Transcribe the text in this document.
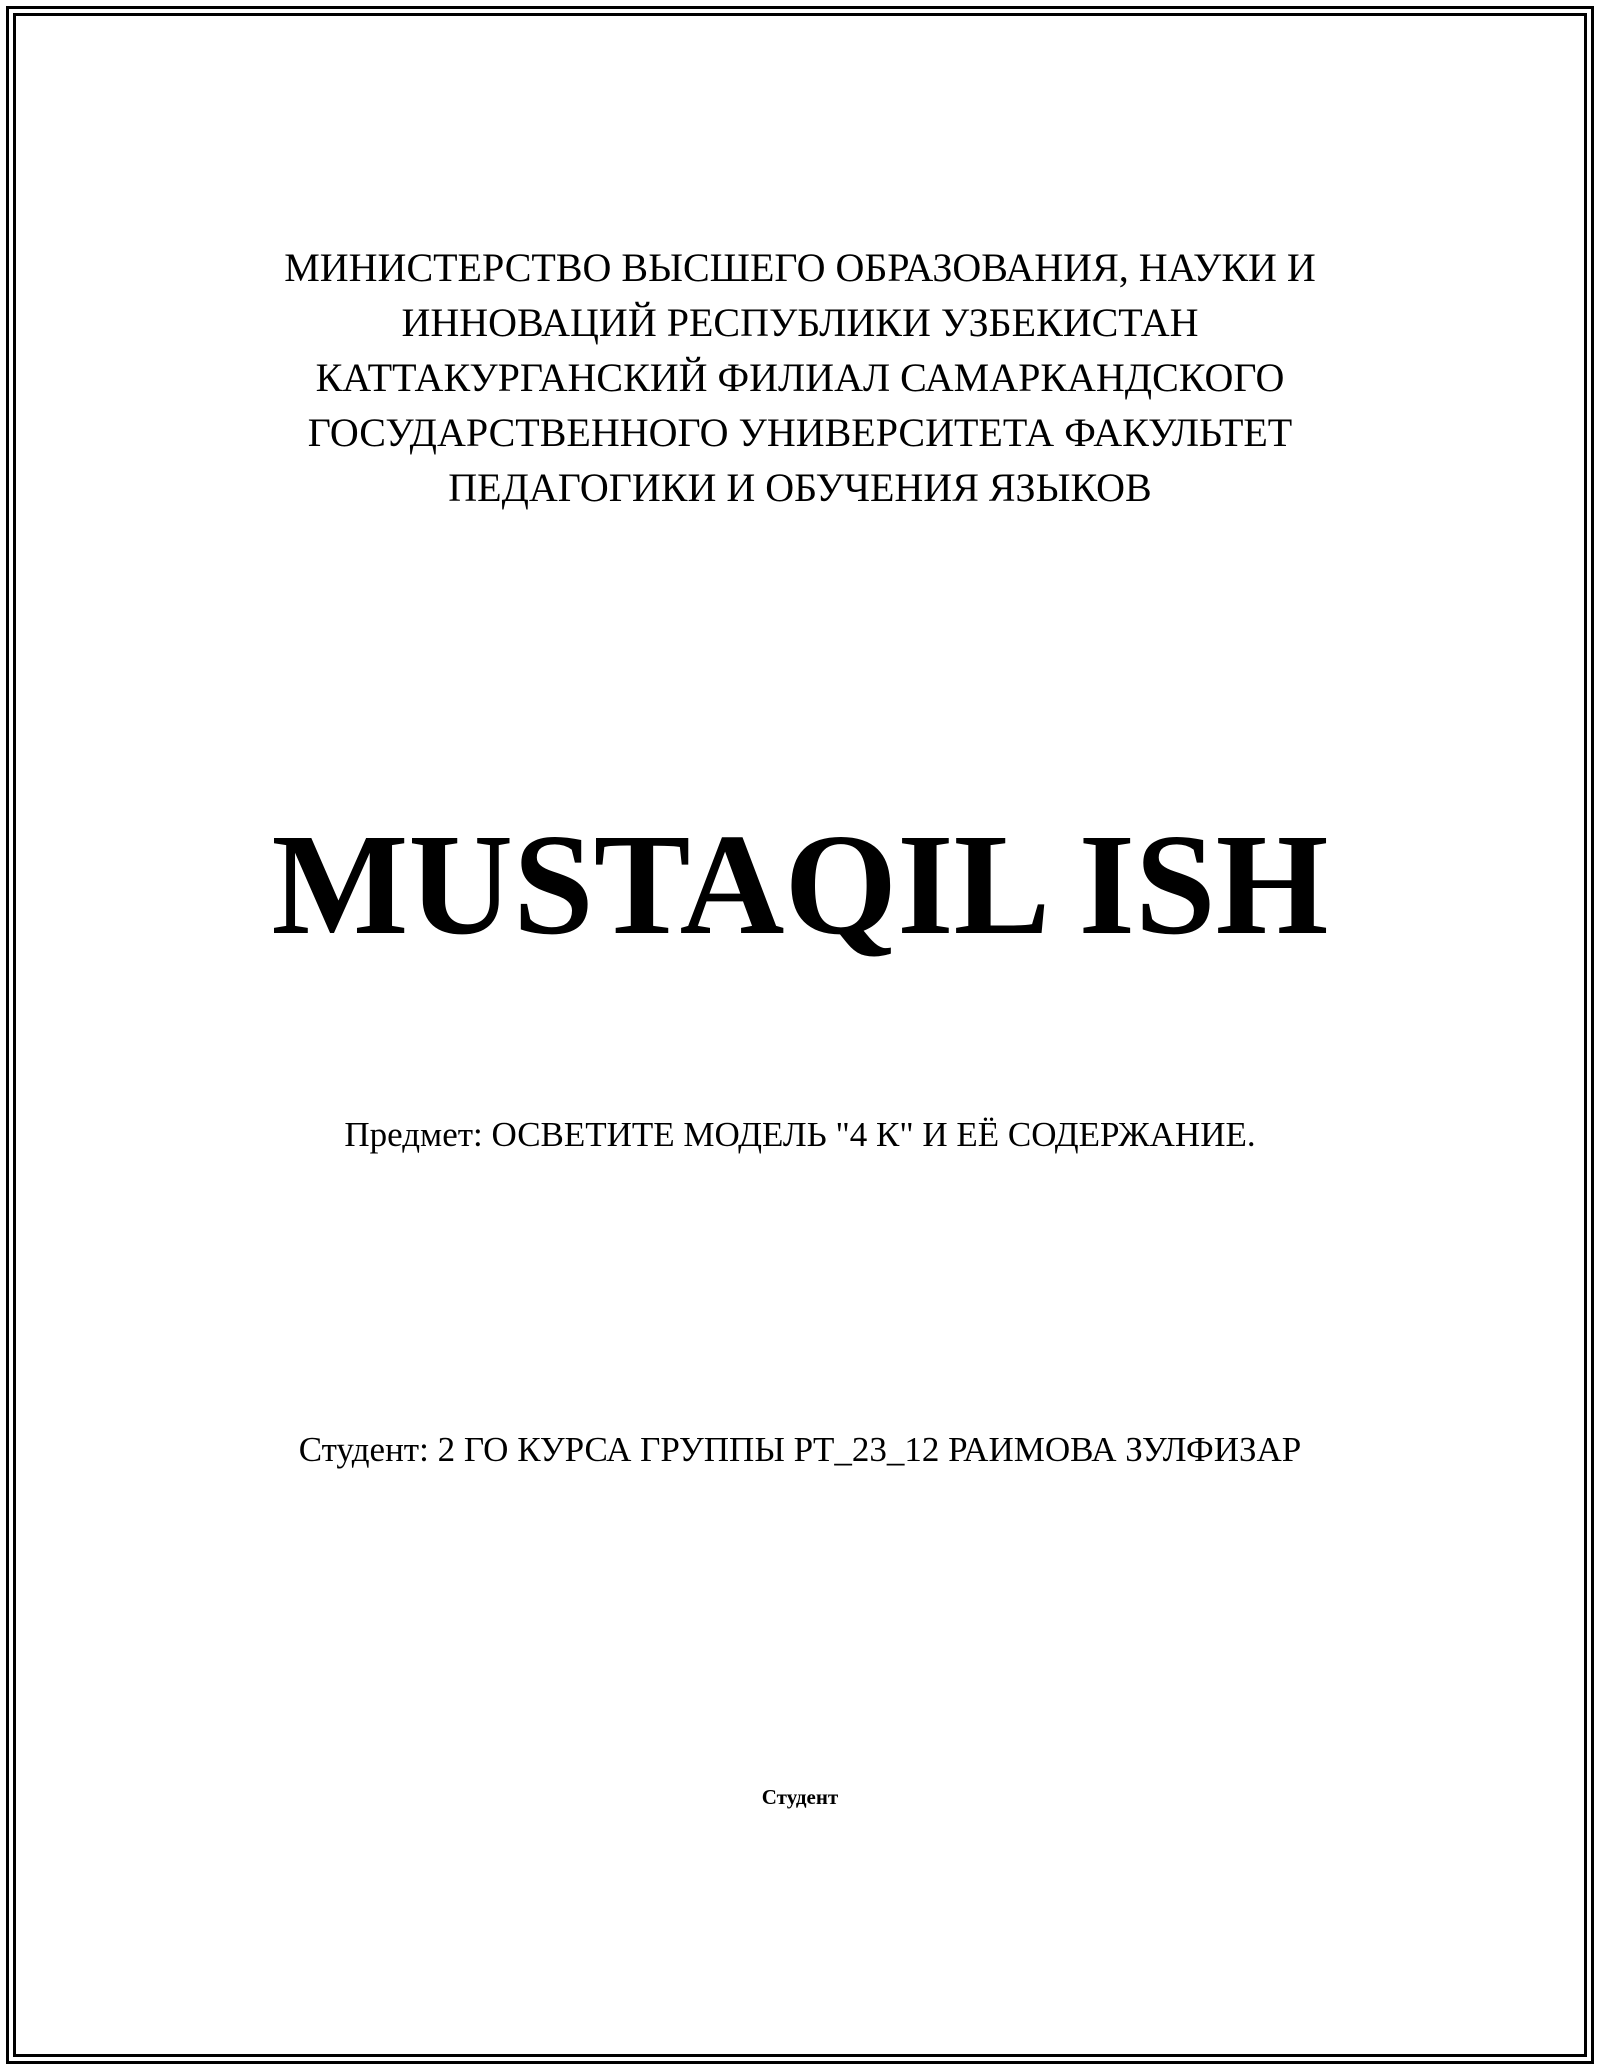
МИНИСТЕРСТВО ВЫСШЕГО ОБРАЗОВАНИЯ, НАУКИ И
ИННОВАЦИЙ РЕСПУБЛИКИ УЗБЕКИСТАН
КАТТАКУРГАНСКИЙ ФИЛИАЛ САМАРКАНДСКОГО
ГОСУДАРСТВЕННОГО УНИВЕРСИТЕТА ФАКУЛЬТЕТ
ПЕДАГОГИКИ И ОБУЧЕНИЯ ЯЗЫКОВ
MUSTAQIL ISH
Предмет: ОСВЕТИТЕ МОДЕЛЬ "4 К" И ЕЁ СОДЕРЖАНИЕ.
Студент: 2 ГО КУРСА ГРУППЫ PT_23_12 РАИМОВА ЗУЛФИЗАР
Студент
